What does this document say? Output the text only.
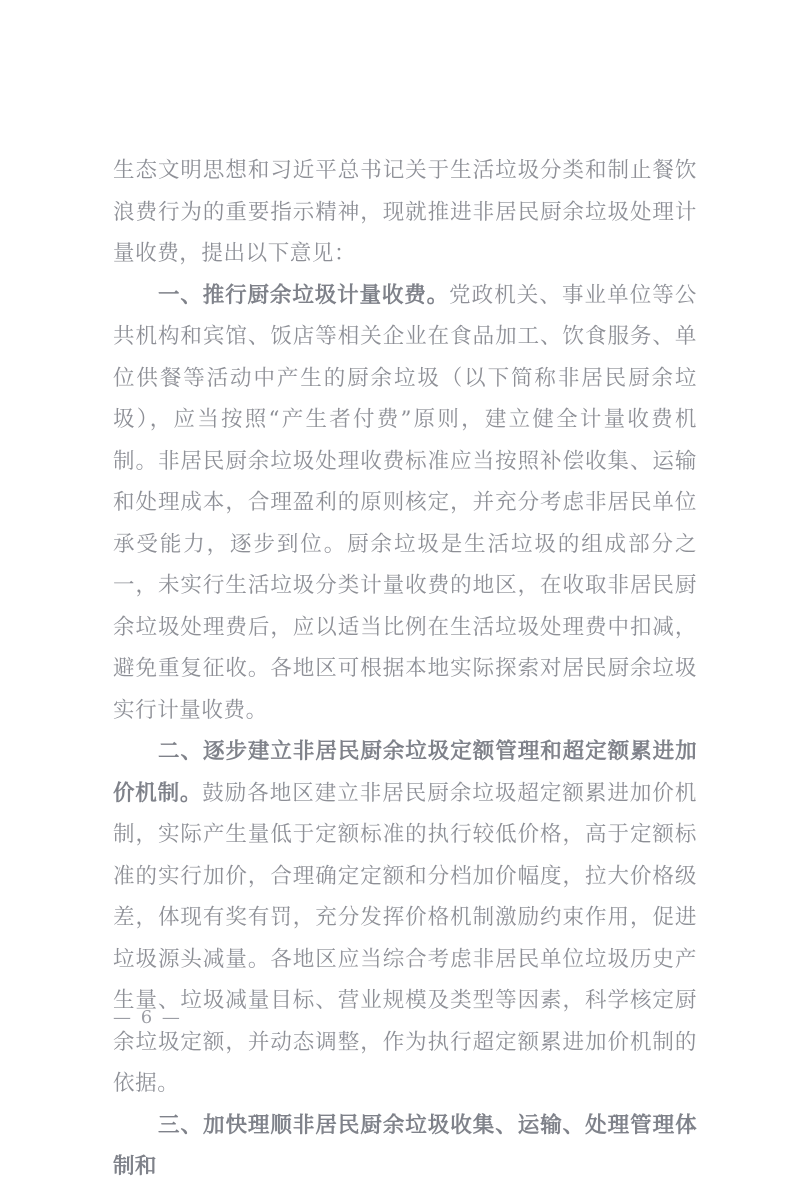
生态文明思想和习近平总书记关于生活垃圾分类和制止餐饮浪费行为的重要指示精神，现就推进非居民厨余垃圾处理计量收费，提出以下意见：

一、推行厨余垃圾计量收费。党政机关、事业单位等公共机构和宾馆、饭店等相关企业在食品加工、饮食服务、单位供餐等活动中产生的厨余垃圾（以下简称非居民厨余垃圾），应当按照“产生者付费”原则，建立健全计量收费机制。非居民厨余垃圾处理收费标准应当按照补偿收集、运输和处理成本，合理盈利的原则核定，并充分考虑非居民单位承受能力，逐步到位。厨余垃圾是生活垃圾的组成部分之一，未实行生活垃圾分类计量收费的地区，在收取非居民厨余垃圾处理费后，应以适当比例在生活垃圾处理费中扣减，避免重复征收。各地区可根据本地实际探索对居民厨余垃圾实行计量收费。

二、逐步建立非居民厨余垃圾定额管理和超定额累进加价机制。鼓励各地区建立非居民厨余垃圾超定额累进加价机制，实际产生量低于定额标准的执行较低价格，高于定额标准的实行加价，合理确定定额和分档加价幅度，拉大价格级差，体现有奖有罚，充分发挥价格机制激励约束作用，促进垃圾源头减量。各地区应当综合考虑非居民单位垃圾历史产生量、垃圾减量目标、营业规模及类型等因素，科学核定厨余垃圾定额，并动态调整，作为执行超定额累进加价机制的依据。

三、加快理顺非居民厨余垃圾收集、运输、处理管理体制和

— 6 —
